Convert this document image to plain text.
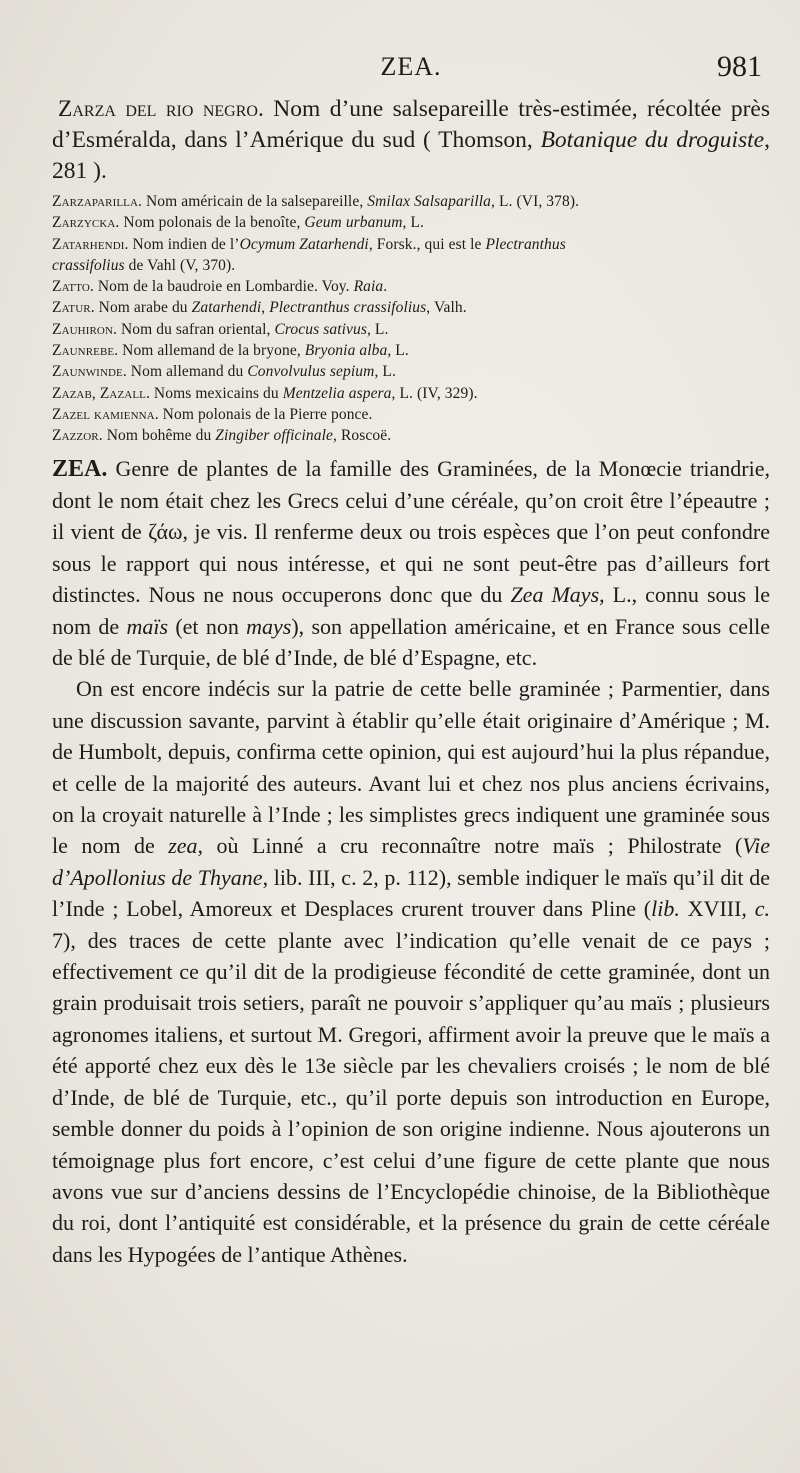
ZEA.	981

Zarza del rio negro. Nom d’une salsepareille très-estimée, récoltée près d’Esméralda, dans l’Amérique du sud ( Thomson, Botanique du droguiste, 281 ).

Zarzaparilla. Nom américain de la salsepareille, Smilax Salsaparilla, L. (VI, 378).

Zarzycka. Nom polonais de la benoîte, Geum urbanum, L.

Zatarhendi. Nom indien de l’Ocymum Zatarhendi, Forsk., qui est le Plectranthus

crassifolius de Vahl (V, 370).

Zatto. Nom de la baudroie en Lombardie. Voy. Raia.

Zatur. Nom arabe du Zatarhendi, Plectranthus crassifolius, Valh.

Zauhiron. Nom du safran oriental, Crocus sativus, L.

Zaunrebe. Nom allemand de la bryone, Bryonia alba, L.

Zaunwinde. Nom allemand du Convolvulus sepium, L.

Zazab, Zazall. Noms mexicains du Mentzelia aspera, L. (IV, 329).

Zazel kamienna. Nom polonais de la Pierre ponce.

Zazzor. Nom bohême du Zingiber officinale, Roscoë.

ZEA. Genre de plantes de la famille des Graminées, de la Monœcie triandrie, dont le nom était chez les Grecs celui d’une céréale, qu’on croit être l’épeautre ; il vient de ζάω, je vis. Il renferme deux ou trois espèces que l’on peut confondre sous le rapport qui nous intéresse, et qui ne sont peut-être pas d’ailleurs fort distinctes. Nous ne nous occuperons donc que du Zea Mays, L., connu sous le nom de maïs (et non mays), son appellation américaine, et en France sous celle de blé de Turquie, de blé d’Inde, de blé d’Espagne, etc.

On est encore indécis sur la patrie de cette belle graminée ; Parmentier, dans une discussion savante, parvint à établir qu’elle était originaire d’Amérique ; M. de Humbolt, depuis, confirma cette opinion, qui est aujourd’hui la plus répandue, et celle de la majorité des auteurs. Avant lui et chez nos plus anciens écrivains, on la croyait naturelle à l’Inde ; les simplistes grecs indiquent une graminée sous le nom de zea, où Linné a cru reconnaître notre maïs ; Philostrate (Vie d’Apollonius de Thyane, lib. III, c. 2, p. 112), semble indiquer le maïs qu’il dit de l’Inde ; Lobel, Amoreux et Desplaces crurent trouver dans Pline (lib. XVIII, c. 7), des traces de cette plante avec l’indication qu’elle venait de ce pays ; effectivement ce qu’il dit de la prodigieuse fécondité de cette graminée, dont un grain produisait trois setiers, paraît ne pouvoir s’appliquer qu’au maïs ; plusieurs agronomes italiens, et surtout M. Gregori, affirment avoir la preuve que le maïs a été apporté chez eux dès le 13e siècle par les chevaliers croisés ; le nom de blé d’Inde, de blé de Turquie, etc., qu’il porte depuis son introduction en Europe, semble donner du poids à l’opinion de son origine indienne. Nous ajouterons un témoignage plus fort encore, c’est celui d’une figure de cette plante que nous avons vue sur d’anciens dessins de l’Encyclopédie chinoise, de la Bibliothèque du roi, dont l’antiquité est considérable, et la présence du grain de cette céréale dans les Hypogées de l’antique Athènes.
